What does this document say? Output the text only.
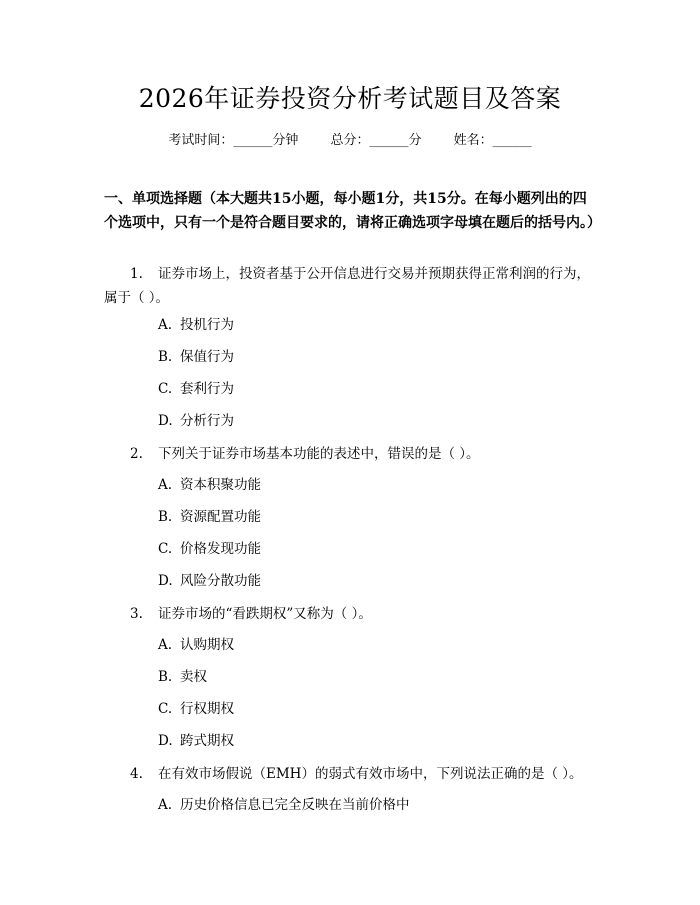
2026年证券投资分析考试题目及答案
考试时间：______分钟 总分：______分 姓名：______
一、单项选择题（本大题共15小题，每小题1分，共15分。在每小题列出的四个选项中，只有一个是符合题目要求的，请将正确选项字母填在题后的括号内。）
1. 证券市场上，投资者基于公开信息进行交易并预期获得正常利润的行为，属于（ ）。
A. 投机行为
B. 保值行为
C. 套利行为
D. 分析行为
2. 下列关于证券市场基本功能的表述中，错误的是（ ）。
A. 资本积聚功能
B. 资源配置功能
C. 价格发现功能
D. 风险分散功能
3. 证券市场的“看跌期权”又称为（ ）。
A. 认购期权
B. 卖权
C. 行权期权
D. 跨式期权
4. 在有效市场假说（EMH）的弱式有效市场中，下列说法正确的是（ ）。
A. 历史价格信息已完全反映在当前价格中
